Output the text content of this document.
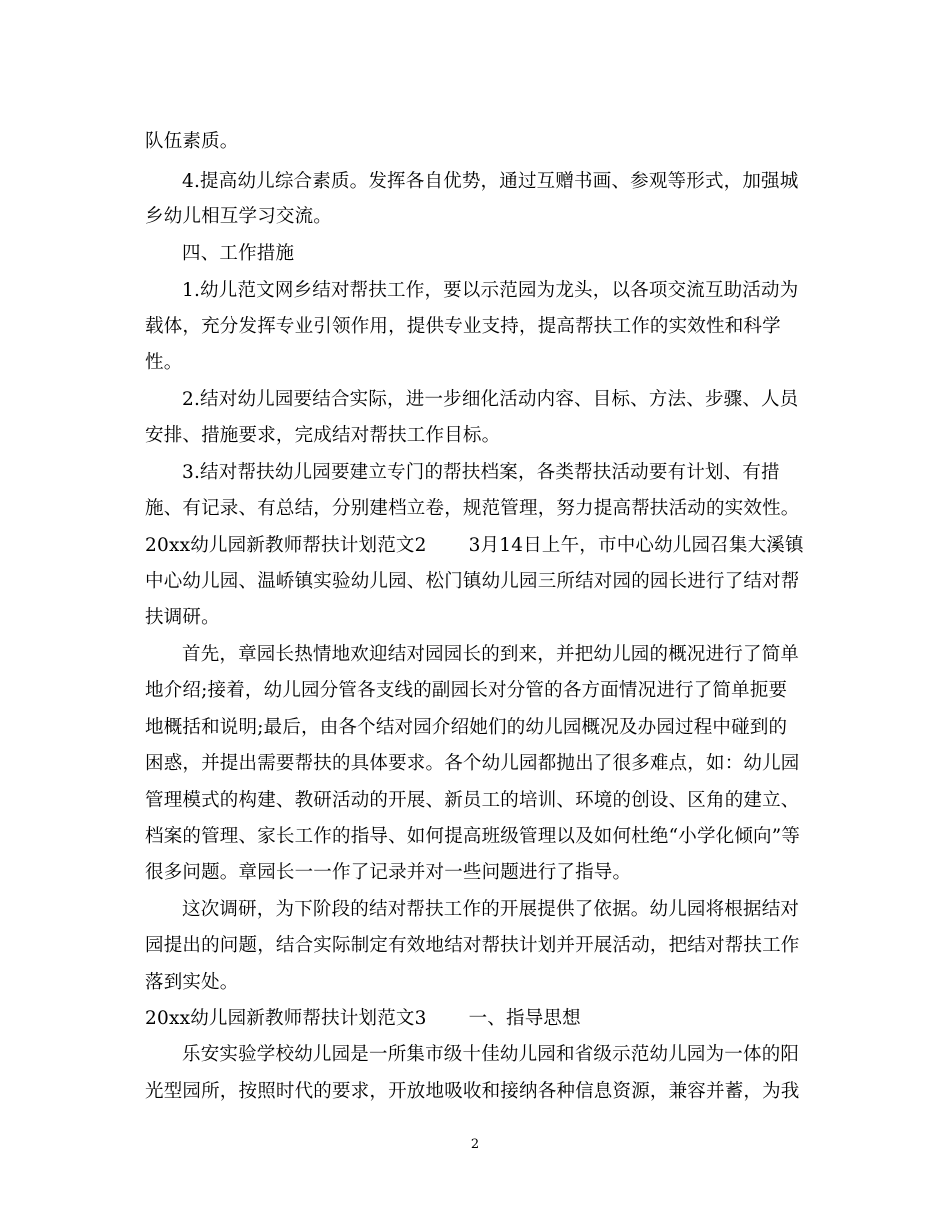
队伍素质。
4.提高幼儿综合素质。发挥各自优势，通过互赠书画、参观等形式，加强城
乡幼儿相互学习交流。
四、工作措施
1.幼儿范文网乡结对帮扶工作，要以示范园为龙头，以各项交流互助活动为
载体，充分发挥专业引领作用，提供专业支持，提高帮扶工作的实效性和科学
性。
2.结对幼儿园要结合实际，进一步细化活动内容、目标、方法、步骤、人员
安排、措施要求，完成结对帮扶工作目标。
3.结对帮扶幼儿园要建立专门的帮扶档案，各类帮扶活动要有计划、有措
施、有记录、有总结，分别建档立卷，规范管理，努力提高帮扶活动的实效性。
20xx幼儿园新教师帮扶计划范文2 3月14日上午，市中心幼儿园召集大溪镇
中心幼儿园、温峤镇实验幼儿园、松门镇幼儿园三所结对园的园长进行了结对帮
扶调研。
首先，章园长热情地欢迎结对园园长的到来，并把幼儿园的概况进行了简单
地介绍;接着，幼儿园分管各支线的副园长对分管的各方面情况进行了简单扼要
地概括和说明;最后，由各个结对园介绍她们的幼儿园概况及办园过程中碰到的
困惑，并提出需要帮扶的具体要求。各个幼儿园都抛出了很多难点，如：幼儿园
管理模式的构建、教研活动的开展、新员工的培训、环境的创设、区角的建立、
档案的管理、家长工作的指导、如何提高班级管理以及如何杜绝“小学化倾向”等
很多问题。章园长一一作了记录并对一些问题进行了指导。
这次调研，为下阶段的结对帮扶工作的开展提供了依据。幼儿园将根据结对
园提出的问题，结合实际制定有效地结对帮扶计划并开展活动，把结对帮扶工作
落到实处。
20xx幼儿园新教师帮扶计划范文3 一、指导思想
乐安实验学校幼儿园是一所集市级十佳幼儿园和省级示范幼儿园为一体的阳
光型园所，按照时代的要求，开放地吸收和接纳各种信息资源，兼容并蓄，为我
2
